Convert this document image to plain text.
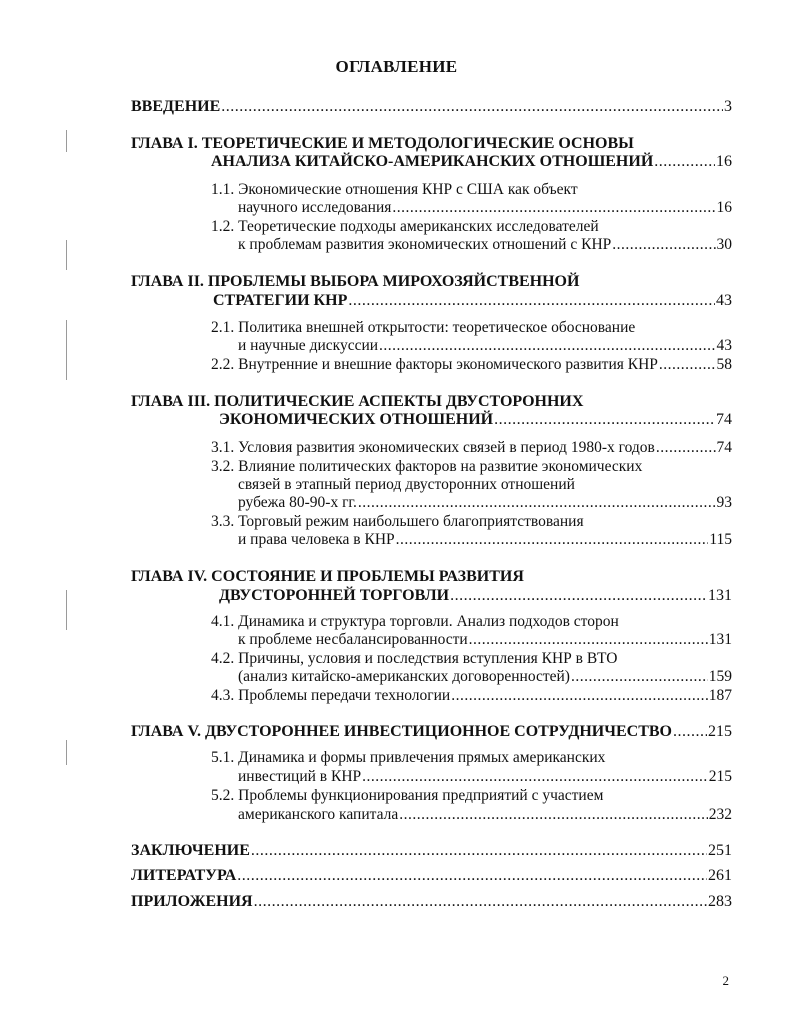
ОГЛАВЛЕНИЕ
ВВЕДЕНИЕ .....	3
ГЛАВА I. ТЕОРЕТИЧЕСКИЕ И МЕТОДОЛОГИЧЕСКИЕ ОСНОВЫ
АНАЛИЗА КИТАЙСКО-АМЕРИКАНСКИХ ОТНОШЕНИЙ .....	16
1.1. Экономические отношения КНР с США как объект
научного исследования .....	16
1.2. Теоретические подходы американских исследователей
к проблемам развития экономических отношений с КНР .....	30
ГЛАВА II. ПРОБЛЕМЫ ВЫБОРА МИРОХОЗЯЙСТВЕННОЙ
СТРАТЕГИИ КНР .....	43
2.1. Политика внешней открытости: теоретическое обоснование
и научные дискуссии .....	43
2.2. Внутренние и внешние факторы экономического развития КНР .....	58
ГЛАВА III. ПОЛИТИЧЕСКИЕ АСПЕКТЫ ДВУСТОРОННИХ
ЭКОНОМИЧЕСКИХ ОТНОШЕНИЙ .....	74
3.1. Условия развития экономических связей в период 1980-х годов .....	74
3.2. Влияние политических факторов на развитие экономических
связей в этапный период двусторонних отношений
рубежа 80-90-х гг. .....	93
3.3. Торговый режим наибольшего благоприятствования
и права человека в КНР .....	115
ГЛАВА IV. СОСТОЯНИЕ И ПРОБЛЕМЫ РАЗВИТИЯ
ДВУСТОРОННЕЙ ТОРГОВЛИ .....	131
4.1. Динамика и структура торговли. Анализ подходов сторон
к проблеме несбалансированности .....	131
4.2. Причины, условия и последствия вступления КНР в ВТО
(анализ китайско-американских договоренностей) .....	159
4.3. Проблемы передачи технологии .....	187
ГЛАВА V. ДВУСТОРОННЕЕ ИНВЕСТИЦИОННОЕ СОТРУДНИЧЕСТВО ..... 215
5.1. Динамика и формы привлечения прямых американских
инвестиций в КНР .....	215
5.2. Проблемы функционирования предприятий с участием
американского капитала .....	232
ЗАКЛЮЧЕНИЕ .....	251
ЛИТЕРАТУРА .....	261
ПРИЛОЖЕНИЯ .....	283
2
